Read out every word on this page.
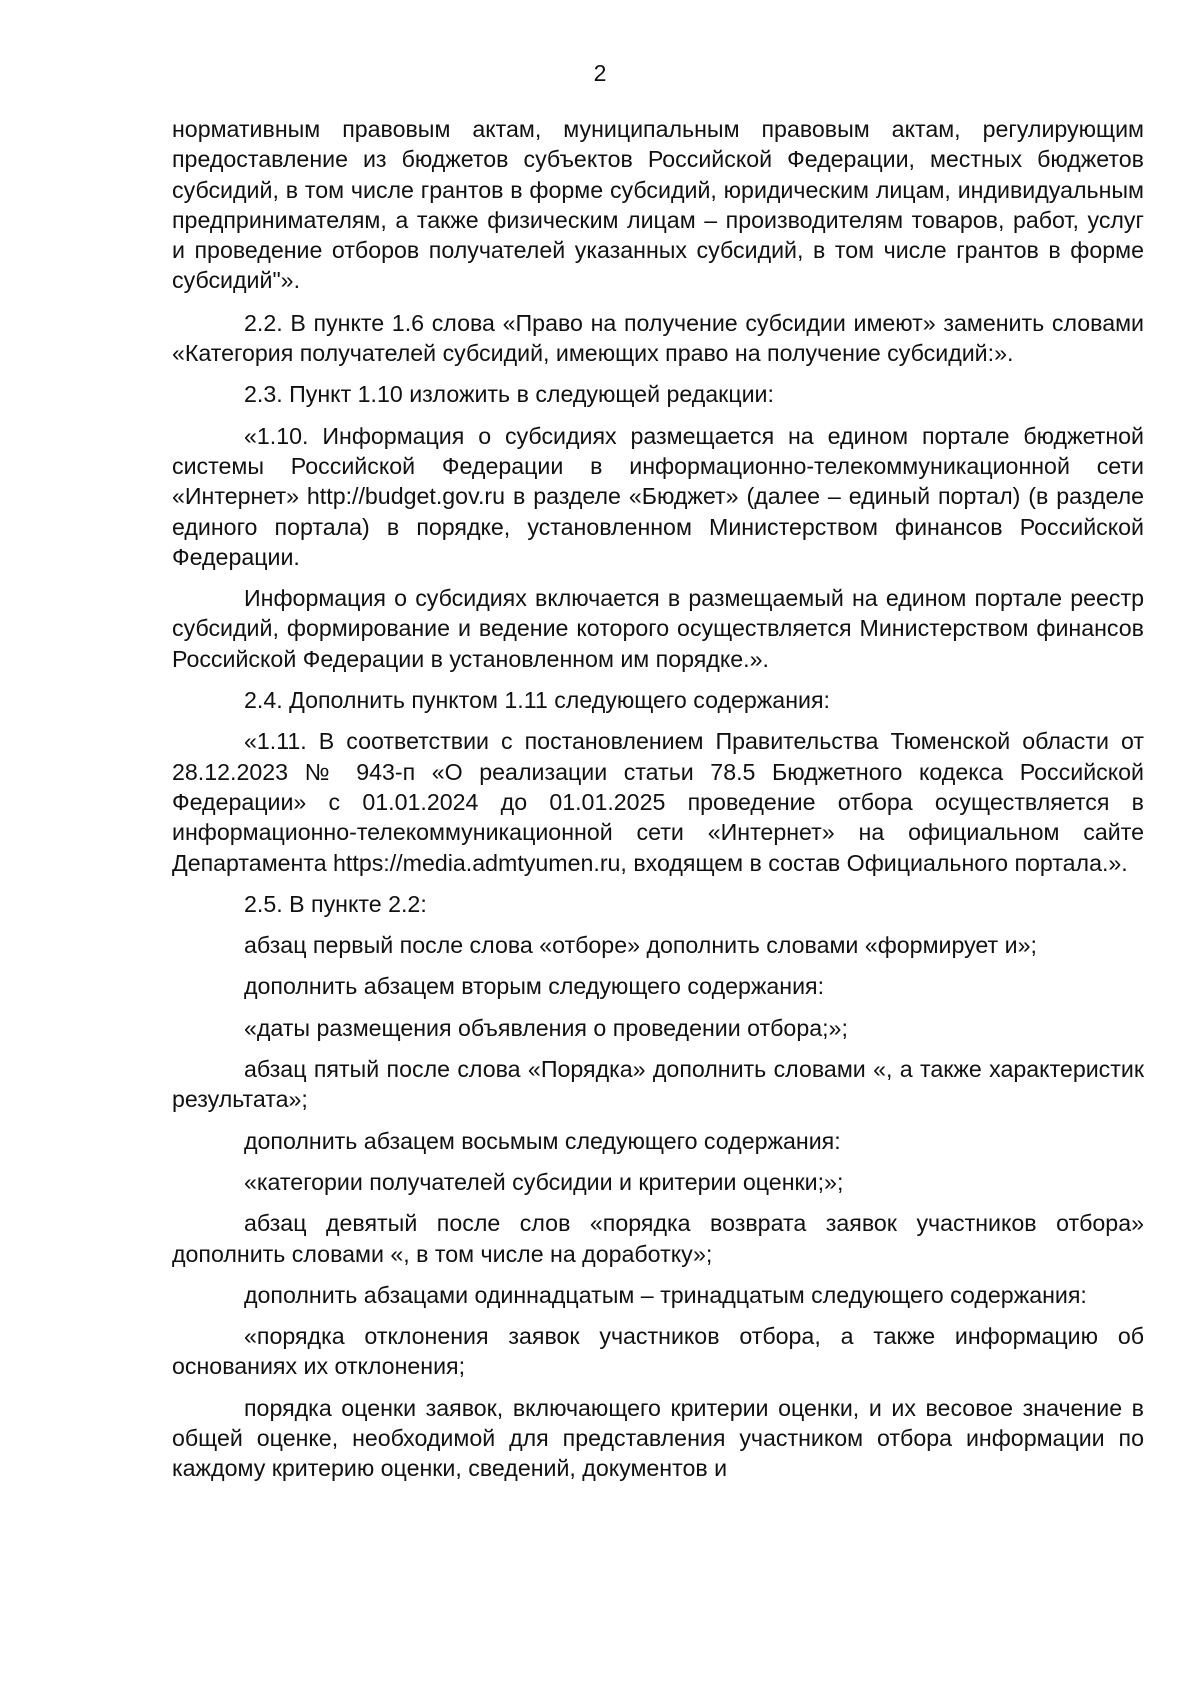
2

нормативным правовым актам, муниципальным правовым актам, регулирующим предоставление из бюджетов субъектов Российской Федерации, местных бюджетов субсидий, в том числе грантов в форме субсидий, юридическим лицам, индивидуальным предпринимателям, а также физическим лицам – производителям товаров, работ, услуг и проведение отборов получателей указанных субсидий, в том числе грантов в форме субсидий"».

2.2. В пункте 1.6 слова «Право на получение субсидии имеют» заменить словами «Категория получателей субсидий, имеющих право на получение субсидий:».

2.3. Пункт 1.10 изложить в следующей редакции:

«1.10. Информация о субсидиях размещается на едином портале бюджетной системы Российской Федерации в информационно-телекоммуникационной сети «Интернет» http://budget.gov.ru в разделе «Бюджет» (далее – единый портал) (в разделе единого портала) в порядке, установленном Министерством финансов Российской Федерации.

Информация о субсидиях включается в размещаемый на едином портале реестр субсидий, формирование и ведение которого осуществляется Министерством финансов Российской Федерации в установленном им порядке.».

2.4. Дополнить пунктом 1.11 следующего содержания:

«1.11. В соответствии с постановлением Правительства Тюменской области от 28.12.2023 № 943-п «О реализации статьи 78.5 Бюджетного кодекса Российской Федерации» с 01.01.2024 до 01.01.2025 проведение отбора осуществляется в информационно-телекоммуникационной сети «Интернет» на официальном сайте Департамента https://media.admtyumen.ru, входящем в состав Официального портала.».

2.5. В пункте 2.2:

абзац первый после слова «отборе» дополнить словами «формирует и»;

дополнить абзацем вторым следующего содержания:

«даты размещения объявления о проведении отбора;»;

абзац пятый после слова «Порядка» дополнить словами «, а также характеристик результата»;

дополнить абзацем восьмым следующего содержания:

«категории получателей субсидии и критерии оценки;»;

абзац девятый после слов «порядка возврата заявок участников отбора» дополнить словами «, в том числе на доработку»;

дополнить абзацами одиннадцатым – тринадцатым следующего содержания:

«порядка отклонения заявок участников отбора, а также информацию об основаниях их отклонения;

порядка оценки заявок, включающего критерии оценки, и их весовое значение в общей оценке, необходимой для представления участником отбора информации по каждому критерию оценки, сведений, документов и
